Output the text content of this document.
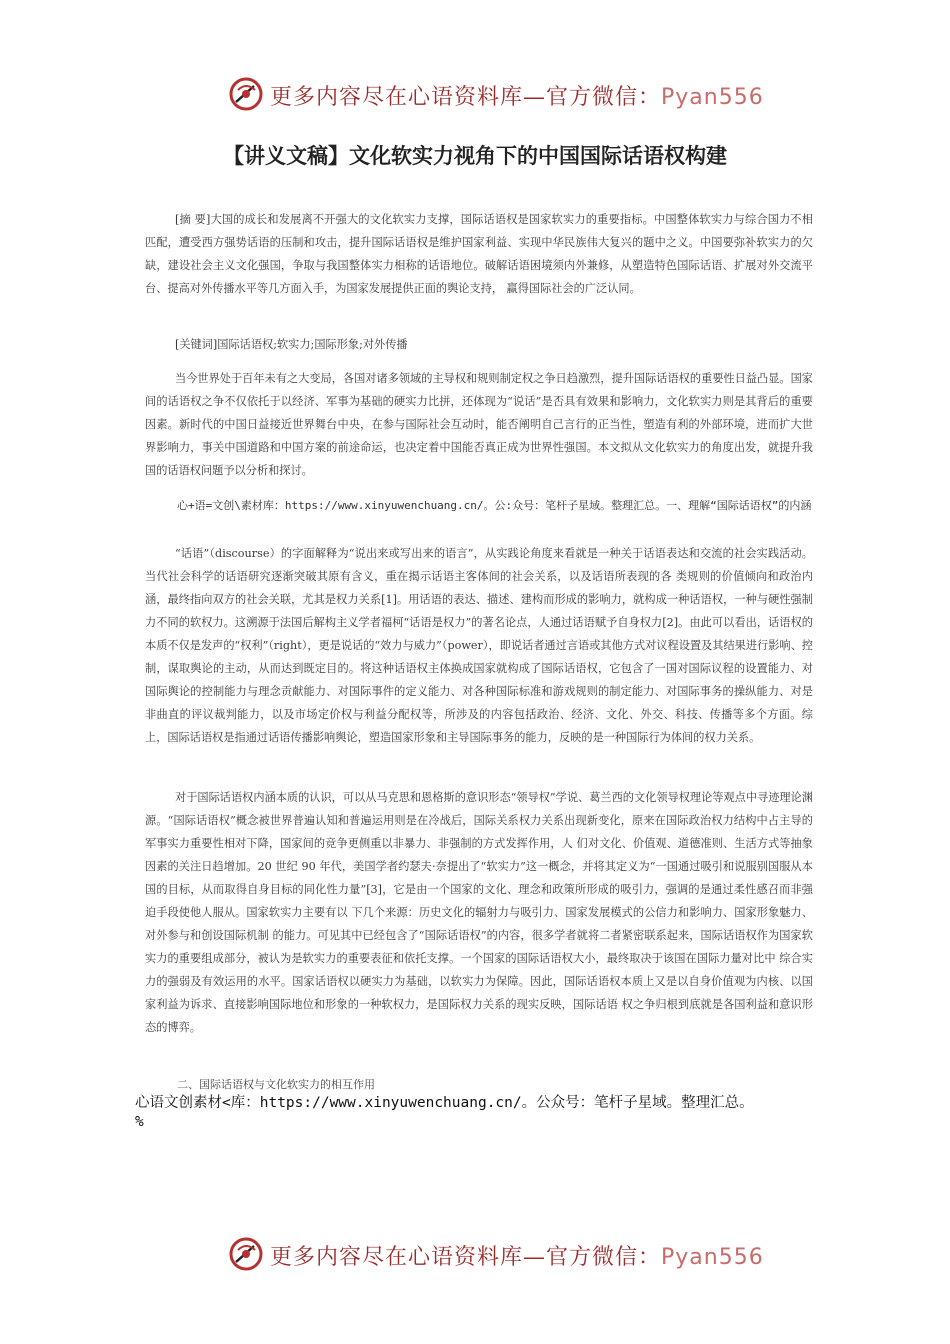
更多内容尽在心语资料库—官方微信：Pyan556
【讲义文稿】文化软实力视角下的中国国际话语权构建

[摘 要]大国的成长和发展离不开强大的文化软实力支撑，国际话语权是国家软实力的重要指标。中国整体软实力与综合国力不相匹配，遭受西方强势话语的压制和攻击，提升国际话语权是维护国家利益、实现中华民族伟大复兴的题中之义。中国要弥补软实力的欠缺，建设社会主义文化强国，争取与我国整体实力相称的话语地位。破解话语困境须内外兼修，从塑造特色国际话语、扩展对外交流平台、提高对外传播水平等几方面入手，为国家发展提供正面的舆论支持， 赢得国际社会的广泛认同。

[关键词]国际话语权;软实力;国际形象;对外传播

当今世界处于百年未有之大变局，各国对诸多领域的主导权和规则制定权之争日趋激烈，提升国际话语权的重要性日益凸显。国家间的话语权之争不仅依托于以经济、军事为基础的硬实力比拼，还体现为“说话”是否具有效果和影响力，文化软实力则是其背后的重要因素。新时代的中国日益接近世界舞台中央，在参与国际社会互动时，能否阐明自己言行的正当性，塑造有利的外部环境，进而扩大世界影响力，事关中国道路和中国方案的前途命运，也决定着中国能否真正成为世界性强国。本文拟从文化软实力的角度出发，就提升我国的话语权问题予以分析和探讨。

心+语=文创\素材库：https://www.xinyuwenchuang.cn/。公:众号：笔杆子星域。整理汇总。一、理解“国际话语权”的内涵

“话语”（discourse）的字面解释为“说出来或写出来的语言”，从实践论角度来看就是一种关于话语表达和交流的社会实践活动。当代社会科学的话语研究逐渐突破其原有含义，重在揭示话语主客体间的社会关系，以及话语所表现的各 类规则的价值倾向和政治内涵，最终指向双方的社会关联，尤其是权力关系[1]。用话语的表达、描述、建构而形成的影响力，就构成一种话语权，一种与硬性强制力不同的软权力。这溯源于法国后解构主义学者福柯“话语是权力”的著名论点，人通过话语赋予自身权力[2]。由此可以看出，话语权的本质不仅是发声的“权利”（right），更是说话的“效力与威力”（power），即说话者通过言语或其他方式对议程设置及其结果进行影响、控制，谋取舆论的主动，从而达到既定目的。将这种话语权主体换成国家就构成了国际话语权，它包含了一国对国际议程的设置能力、对国际舆论的控制能力与理念贡献能力、对国际事件的定义能力、对各种国际标准和游戏规则的制定能力、对国际事务的操纵能力、对是非曲直的评议裁判能力，以及市场定价权与利益分配权等，所涉及的内容包括政治、经济、文化、外交、科技、传播等多个方面。综上，国际话语权是指通过话语传播影响舆论，塑造国家形象和主导国际事务的能力，反映的是一种国际行为体间的权力关系。

对于国际话语权内涵本质的认识，可以从马克思和恩格斯的意识形态“领导权”学说、葛兰西的文化领导权理论等观点中寻迹理论渊源。“国际话语权”概念被世界普遍认知和普遍运用则是在冷战后，国际关系权力关系出现新变化，原来在国际政治权力结构中占主导的军事实力重要性相对下降，国家间的竞争更侧重以非暴力、非强制的方式发挥作用，人 们对文化、价值观、道德准则、生活方式等抽象因素的关注日趋增加。20 世纪 90 年代，美国学者约瑟夫·奈提出了“软实力”这一概念，并将其定义为“一国通过吸引和说服别国服从本国的目标，从而取得自身目标的同化性力量”[3]，它是由一个国家的文化、理念和政策所形成的吸引力，强调的是通过柔性感召而非强迫手段使他人服从。国家软实力主要有以 下几个来源：历史文化的辐射力与吸引力、国家发展模式的公信力和影响力、国家形象魅力、对外参与和创设国际机制 的能力。可见其中已经包含了“国际话语权”的内容，很多学者就将二者紧密联系起来，国际话语权作为国家软实力的重要组成部分，被认为是软实力的重要表征和依托支撑。一个国家的国际话语权大小，最终取决于该国在国际力量对比中 综合实力的强弱及有效运用的水平。国家话语权以硬实力为基础，以软实力为保障。因此，国际话语权本质上又是以自身价值观为内核、以国家利益为诉求、直接影响国际地位和形象的一种软权力，是国际权力关系的现实反映，国际话语 权之争归根到底就是各国利益和意识形态的博弈。

二、国际话语权与文化软实力的相互作用
心语文创素材<库：https://www.xinyuwenchuang.cn/。公众号：笔杆子星域。整理汇总。
%
更多内容尽在心语资料库—官方微信：Pyan556
